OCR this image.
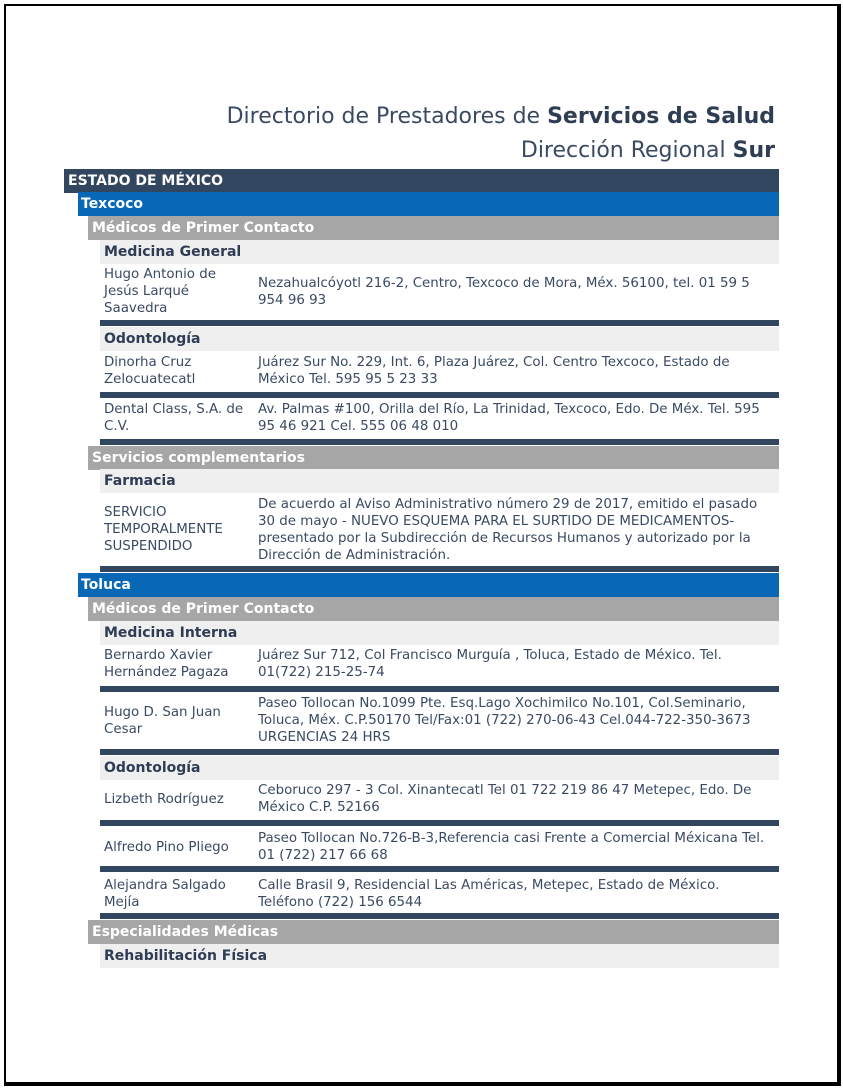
Directorio de Prestadores de Servicios de Salud
Dirección Regional Sur
ESTADO DE MÉXICO
Texcoco
Médicos de Primer Contacto
Medicina General
Hugo Antonio de Jesús Larqué Saavedra
Nezahualcóyotl 216-2, Centro, Texcoco de Mora, Méx. 56100, tel. 01 59 5 954 96 93
Odontología
Dinorha Cruz Zelocuatecatl
Juárez Sur No. 229, Int. 6, Plaza Juárez, Col. Centro Texcoco, Estado de México Tel. 595 95 5 23 33
Dental Class, S.A. de C.V.
Av. Palmas #100, Orilla del Río, La Trinidad, Texcoco, Edo. De Méx. Tel. 595 95 46 921 Cel. 555 06 48 010
Servicios complementarios
Farmacia
SERVICIO TEMPORALMENTE SUSPENDIDO
De acuerdo al Aviso Administrativo número 29 de 2017, emitido el pasado 30 de mayo - NUEVO ESQUEMA PARA EL SURTIDO DE MEDICAMENTOS- presentado por la Subdirección de Recursos Humanos y autorizado por la Dirección de Administración.
Toluca
Médicos de Primer Contacto
Medicina Interna
Bernardo Xavier Hernández Pagaza
Juárez Sur 712, Col Francisco Murguía , Toluca, Estado de México. Tel. 01(722) 215-25-74
Hugo D. San Juan Cesar
Paseo Tollocan No.1099 Pte. Esq.Lago Xochimilco No.101, Col.Seminario, Toluca, Méx. C.P.50170 Tel/Fax:01 (722) 270-06-43 Cel.044-722-350-3673 URGENCIAS 24 HRS
Odontología
Lizbeth Rodríguez
Ceboruco 297 - 3 Col. Xinantecatl Tel 01 722 219 86 47 Metepec, Edo. De México C.P. 52166
Alfredo Pino Pliego
Paseo Tollocan No.726-B-3,Referencia casi Frente a Comercial Méxicana Tel. 01 (722) 217 66 68
Alejandra Salgado Mejía
Calle Brasil 9, Residencial Las Américas, Metepec, Estado de México. Teléfono (722) 156 6544
Especialidades Médicas
Rehabilitación Física
